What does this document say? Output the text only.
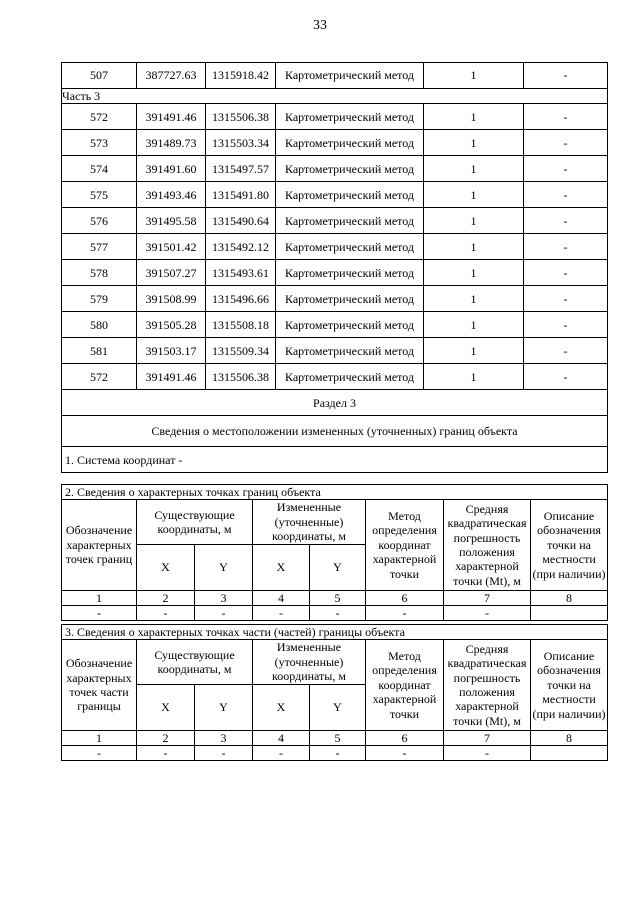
33
507	387727.63	1315918.42	Картометрический метод	1	-
Часть 3					
572	391491.46	1315506.38	Картометрический метод	1	-
573	391489.73	1315503.34	Картометрический метод	1	-
574	391491.60	1315497.57	Картометрический метод	1	-
575	391493.46	1315491.80	Картометрический метод	1	-
576	391495.58	1315490.64	Картометрический метод	1	-
577	391501.42	1315492.12	Картометрический метод	1	-
578	391507.27	1315493.61	Картометрический метод	1	-
579	391508.99	1315496.66	Картометрический метод	1	-
580	391505.28	1315508.18	Картометрический метод	1	-
581	391503.17	1315509.34	Картометрический метод	1	-
572	391491.46	1315506.38	Картометрический метод	1	-
Раздел 3					
Сведения о местоположении измененных (уточненных) границ объекта					
1. Система координат -					
2. Сведения о характерных точках границ объекта							
Обозначение характерных точек границ	Существующие координаты, м		Измененные (уточненные) координаты, м		Метод определения координат характерной точки	Средняя квадратическая погрешность положения характерной точки (Mt), м	Описание обозначения точки на местности (при наличии)
	X	Y	X	Y			
1	2	3	4	5	6	7	8
-	-	-	-	-	-	-	
3. Сведения о характерных точках части (частей) границы объекта							
Обозначение характерных точек части границы	Существующие координаты, м		Измененные (уточненные) координаты, м		Метод определения координат характерной точки	Средняя квадратическая погрешность положения характерной точки (Mt), м	Описание обозначения точки на местности (при наличии)
	X	Y	X	Y			
1	2	3	4	5	6	7	8
-	-	-	-	-	-	-	
